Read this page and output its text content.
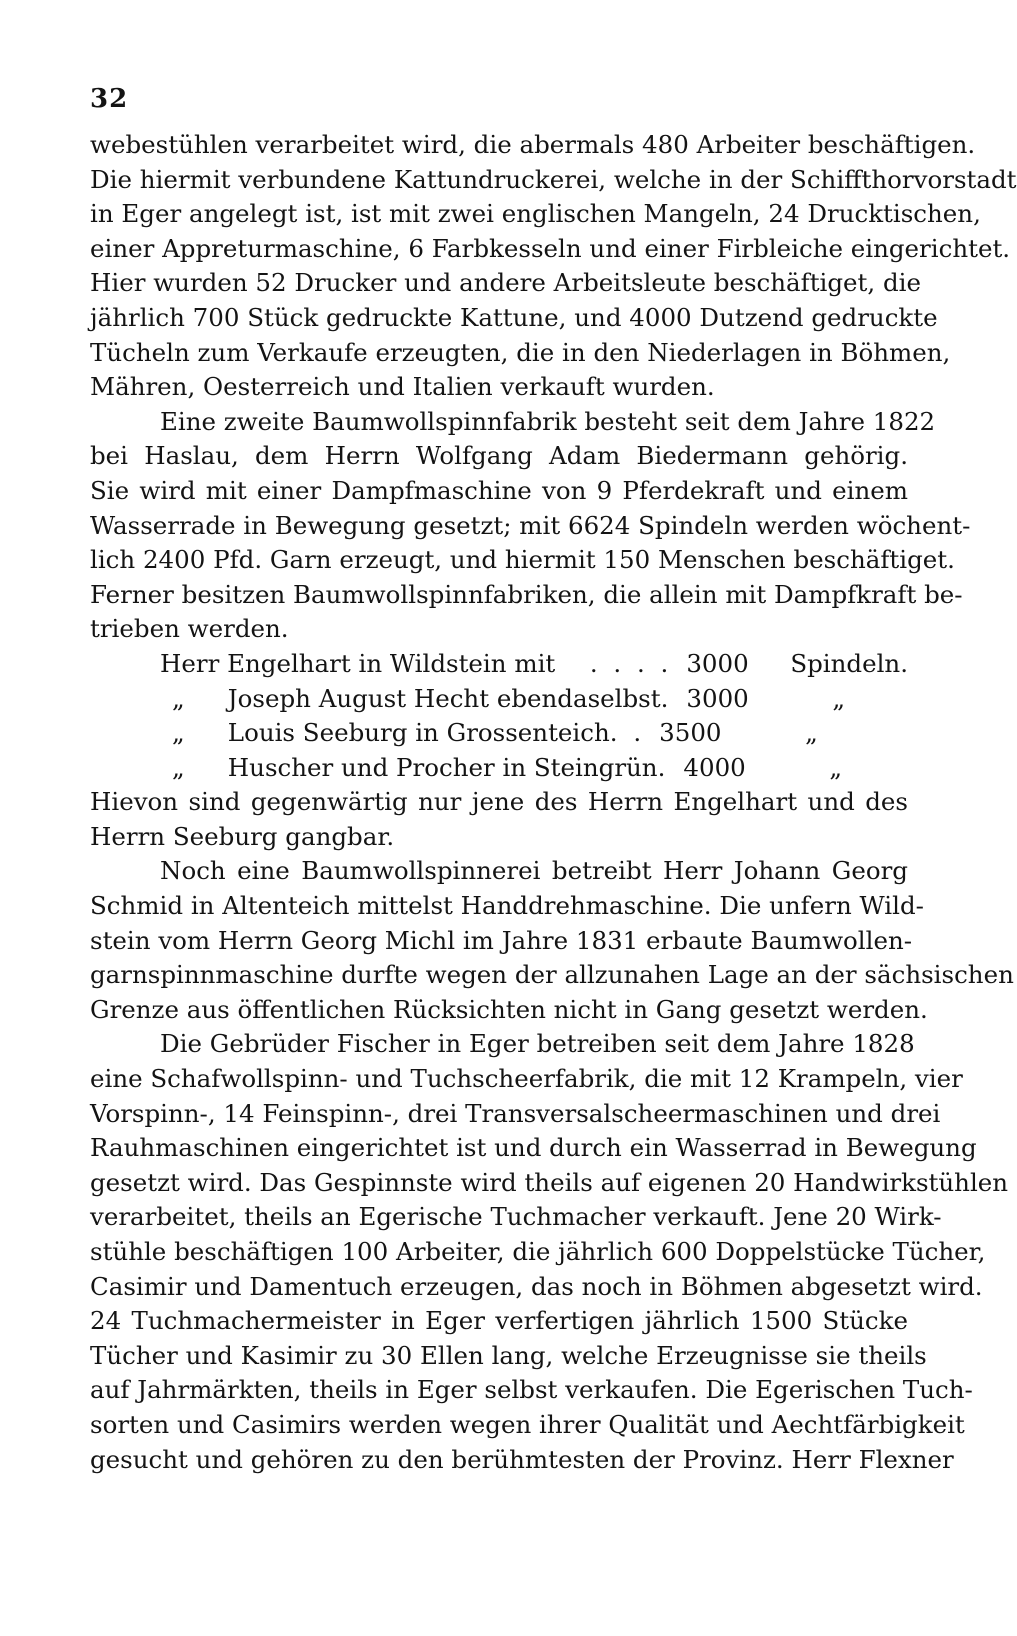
32
webestühlen verarbeitet wird, die abermals 480 Arbeiter beschäftigen.
Die hiermit verbundene Kattundruckerei, welche in der Schiffthorvorstadt
in Eger angelegt ist, ist mit zwei englischen Mangeln, 24 Drucktischen,
einer Appreturmaschine, 6 Farbkesseln und einer Firbleiche eingerichtet.
Hier wurden 52 Drucker und andere Arbeitsleute beschäftiget, die
jährlich 700 Stück gedruckte Kattune, und 4000 Dutzend gedruckte
Tücheln zum Verkaufe erzeugten, die in den Niederlagen in Böhmen,
Mähren, Oesterreich und Italien verkauft wurden.
Eine zweite Baumwollspinnfabrik besteht seit dem Jahre 1822
bei Haslau, dem Herrn Wolfgang Adam Biedermann gehörig.
Sie wird mit einer Dampfmaschine von 9 Pferdekraft und einem
Wasserrade in Bewegung gesetzt; mit 6624 Spindeln werden wöchent-
lich 2400 Pfd. Garn erzeugt, und hiermit 150 Menschen beschäftiget.
Ferner besitzen Baumwollspinnfabriken, die allein mit Dampfkraft be-
trieben werden.
Herr Engelhart in Wildstein mit	. . . . 3000	Spindeln.
„ Joseph August Hecht ebendaselbst . 3000	„
„ Louis Seeburg in Grossenteich . . 3500	„
„ Huscher und Procher in Steingrün . 4000	„
Hievon sind gegenwärtig nur jene des Herrn Engelhart und des
Herrn Seeburg gangbar.
Noch eine Baumwollspinnerei betreibt Herr Johann Georg
Schmid in Altenteich mittelst Handdrehmaschine. Die unfern Wild-
stein vom Herrn Georg Michl im Jahre 1831 erbaute Baumwollen-
garnspinnmaschine durfte wegen der allzunahen Lage an der sächsischen
Grenze aus öffentlichen Rücksichten nicht in Gang gesetzt werden.
Die Gebrüder Fischer in Eger betreiben seit dem Jahre 1828
eine Schafwollspinn- und Tuchscheerfabrik, die mit 12 Krampeln, vier
Vorspinn-, 14 Feinspinn-, drei Transversalscheermaschinen und drei
Rauhmaschinen eingerichtet ist und durch ein Wasserrad in Bewegung
gesetzt wird. Das Gespinnste wird theils auf eigenen 20 Handwirkstühlen
verarbeitet, theils an Egerische Tuchmacher verkauft. Jene 20 Wirk-
stühle beschäftigen 100 Arbeiter, die jährlich 600 Doppelstücke Tücher,
Casimir und Damentuch erzeugen, das noch in Böhmen abgesetzt wird.
24 Tuchmachermeister in Eger verfertigen jährlich 1500 Stücke
Tücher und Kasimir zu 30 Ellen lang, welche Erzeugnisse sie theils
auf Jahrmärkten, theils in Eger selbst verkaufen. Die Egerischen Tuch-
sorten und Casimirs werden wegen ihrer Qualität und Aechtfärbigkeit
gesucht und gehören zu den berühmtesten der Provinz. Herr Flexner
